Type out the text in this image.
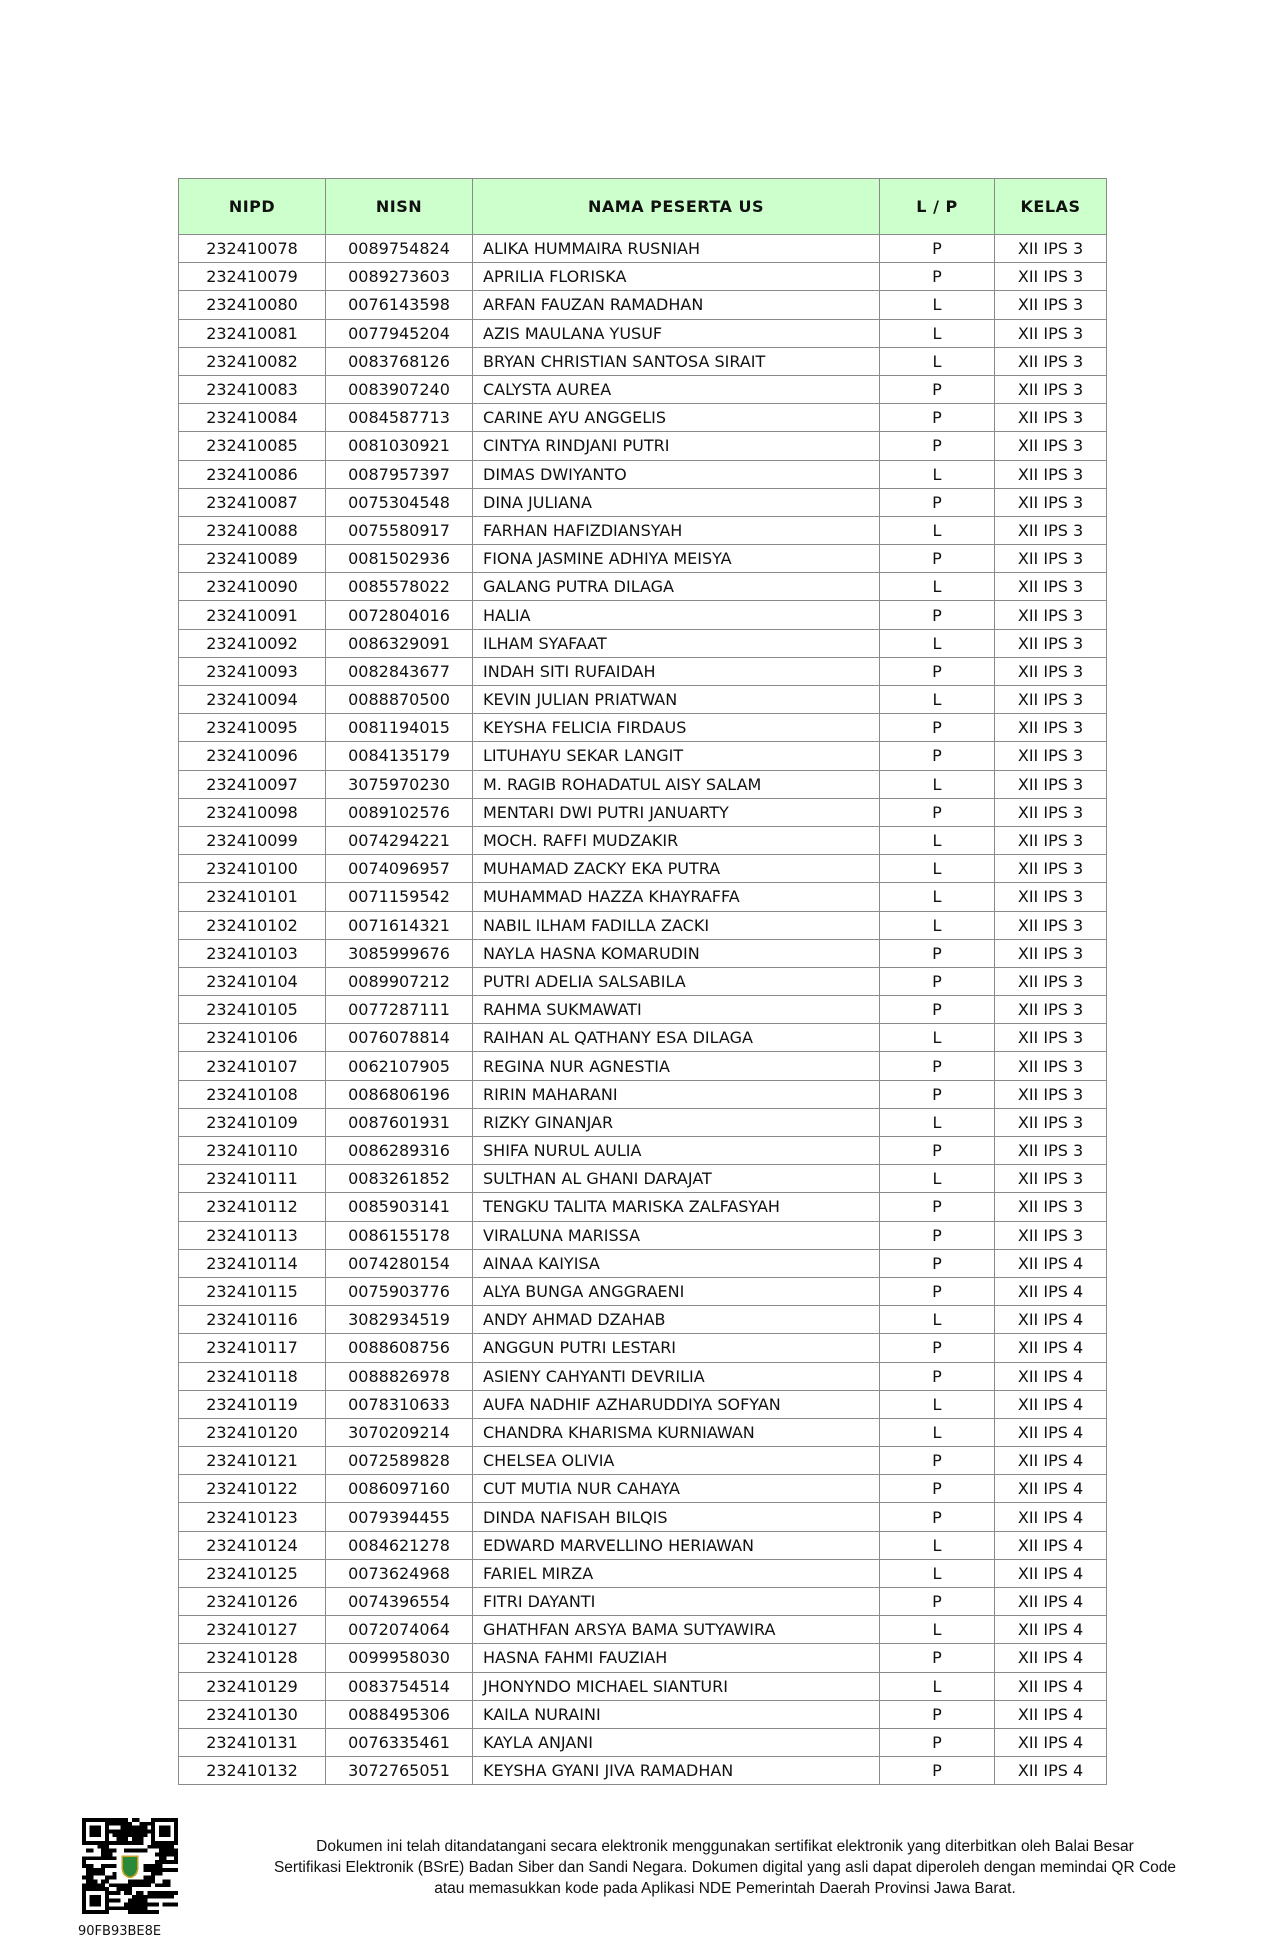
NIPD	NISN	NAMA PESERTA US	L / P	KELAS
232410078	0089754824	ALIKA HUMMAIRA RUSNIAH	P	XII IPS 3
232410079	0089273603	APRILIA FLORISKA	P	XII IPS 3
232410080	0076143598	ARFAN FAUZAN RAMADHAN	L	XII IPS 3
232410081	0077945204	AZIS MAULANA YUSUF	L	XII IPS 3
232410082	0083768126	BRYAN CHRISTIAN SANTOSA SIRAIT	L	XII IPS 3
232410083	0083907240	CALYSTA AUREA	P	XII IPS 3
232410084	0084587713	CARINE AYU ANGGELIS	P	XII IPS 3
232410085	0081030921	CINTYA RINDJANI PUTRI	P	XII IPS 3
232410086	0087957397	DIMAS DWIYANTO	L	XII IPS 3
232410087	0075304548	DINA JULIANA	P	XII IPS 3
232410088	0075580917	FARHAN HAFIZDIANSYAH	L	XII IPS 3
232410089	0081502936	FIONA JASMINE ADHIYA MEISYA	P	XII IPS 3
232410090	0085578022	GALANG PUTRA DILAGA	L	XII IPS 3
232410091	0072804016	HALIA	P	XII IPS 3
232410092	0086329091	ILHAM SYAFAAT	L	XII IPS 3
232410093	0082843677	INDAH SITI RUFAIDAH	P	XII IPS 3
232410094	0088870500	KEVIN JULIAN PRIATWAN	L	XII IPS 3
232410095	0081194015	KEYSHA FELICIA FIRDAUS	P	XII IPS 3
232410096	0084135179	LITUHAYU SEKAR LANGIT	P	XII IPS 3
232410097	3075970230	M. RAGIB ROHADATUL AISY SALAM	L	XII IPS 3
232410098	0089102576	MENTARI DWI PUTRI JANUARTY	P	XII IPS 3
232410099	0074294221	MOCH. RAFFI MUDZAKIR	L	XII IPS 3
232410100	0074096957	MUHAMAD ZACKY EKA PUTRA	L	XII IPS 3
232410101	0071159542	MUHAMMAD HAZZA KHAYRAFFA	L	XII IPS 3
232410102	0071614321	NABIL ILHAM FADILLA ZACKI	L	XII IPS 3
232410103	3085999676	NAYLA HASNA KOMARUDIN	P	XII IPS 3
232410104	0089907212	PUTRI ADELIA SALSABILA	P	XII IPS 3
232410105	0077287111	RAHMA SUKMAWATI	P	XII IPS 3
232410106	0076078814	RAIHAN AL QATHANY ESA DILAGA	L	XII IPS 3
232410107	0062107905	REGINA NUR AGNESTIA	P	XII IPS 3
232410108	0086806196	RIRIN MAHARANI	P	XII IPS 3
232410109	0087601931	RIZKY GINANJAR	L	XII IPS 3
232410110	0086289316	SHIFA NURUL AULIA	P	XII IPS 3
232410111	0083261852	SULTHAN AL GHANI DARAJAT	L	XII IPS 3
232410112	0085903141	TENGKU TALITA MARISKA ZALFASYAH	P	XII IPS 3
232410113	0086155178	VIRALUNA MARISSA	P	XII IPS 3
232410114	0074280154	AINAA KAIYISA	P	XII IPS 4
232410115	0075903776	ALYA BUNGA ANGGRAENI	P	XII IPS 4
232410116	3082934519	ANDY AHMAD DZAHAB	L	XII IPS 4
232410117	0088608756	ANGGUN PUTRI LESTARI	P	XII IPS 4
232410118	0088826978	ASIENY CAHYANTI DEVRILIA	P	XII IPS 4
232410119	0078310633	AUFA NADHIF AZHARUDDIYA SOFYAN	L	XII IPS 4
232410120	3070209214	CHANDRA KHARISMA KURNIAWAN	L	XII IPS 4
232410121	0072589828	CHELSEA OLIVIA	P	XII IPS 4
232410122	0086097160	CUT MUTIA NUR CAHAYA	P	XII IPS 4
232410123	0079394455	DINDA NAFISAH BILQIS	P	XII IPS 4
232410124	0084621278	EDWARD MARVELLINO HERIAWAN	L	XII IPS 4
232410125	0073624968	FARIEL MIRZA	L	XII IPS 4
232410126	0074396554	FITRI DAYANTI	P	XII IPS 4
232410127	0072074064	GHATHFAN ARSYA BAMA SUTYAWIRA	L	XII IPS 4
232410128	0099958030	HASNA FAHMI FAUZIAH	P	XII IPS 4
232410129	0083754514	JHONYNDO MICHAEL SIANTURI	L	XII IPS 4
232410130	0088495306	KAILA NURAINI	P	XII IPS 4
232410131	0076335461	KAYLA ANJANI	P	XII IPS 4
232410132	3072765051	KEYSHA GYANI JIVA RAMADHAN	P	XII IPS 4
90FB93BE8E
Dokumen ini telah ditandatangani secara elektronik menggunakan sertifikat elektronik yang diterbitkan oleh Balai Besar
Sertifikasi Elektronik (BSrE) Badan Siber dan Sandi Negara. Dokumen digital yang asli dapat diperoleh dengan memindai QR Code
atau memasukkan kode pada Aplikasi NDE Pemerintah Daerah Provinsi Jawa Barat.
